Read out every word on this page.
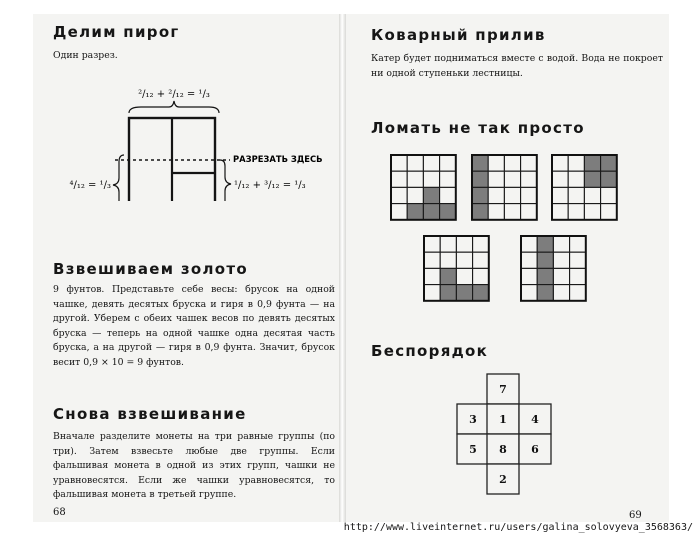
Делим пирог

Один разрез.

²/₁₂ + ²/₁₂ = ¹/₃
⁴/₁₂ = ¹/₃	¹/₁₂ + ³/₁₂ = ¹/₃
РАЗРЕЗАТЬ ЗДЕСЬ
Взвешиваем золото

9 фунтов. Представьте себе весы: брусок на одной чашке, девять десятых бруска и гиря в 0,9 фунта — на другой. Уберем с обеих чашек весов по девять десятых бруска — теперь на одной чашке одна десятая часть бруска, а на другой — гиря в 0,9 фунта. Значит, брусок весит 0,9 × 10 = 9 фунтов.

Снова взвешивание

Вначале разделите монеты на три равные группы (по три). Затем взвесьте любые две группы. Если фальшивая монета в одной из этих групп, чашки не уравновесятся. Если же чашки уравновесятся, то фальшивая монета в третьей группе.

68
Коварный прилив

Катер будет подниматься вместе с водой. Вода не покроет ни одной ступеньки лестницы.

Ломать не так просто
Беспорядок
7
3 1 4
5 8 6
2
69
http://www.liveinternet.ru/users/galina_solovyeva_3568363/
